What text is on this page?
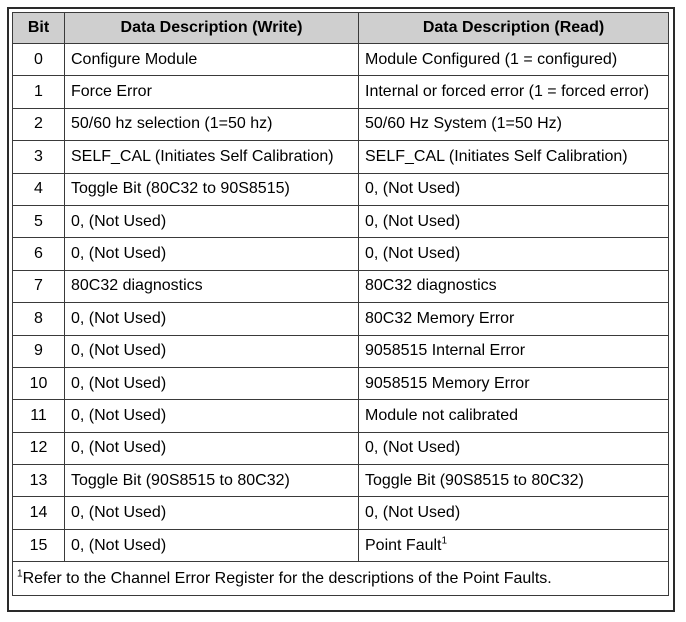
Bit	Data Description (Write)	Data Description (Read)
0	Configure Module	Module Configured (1 = configured)
1	Force Error	Internal or forced error (1 = forced error)
2	50/60 hz selection (1=50 hz)	50/60 Hz System (1=50 Hz)
3	SELF_CAL (Initiates Self Calibration)	SELF_CAL (Initiates Self Calibration)
4	Toggle Bit (80C32 to 90S8515)	0, (Not Used)
5	0, (Not Used)	0, (Not Used)
6	0, (Not Used)	0, (Not Used)
7	80C32 diagnostics	80C32 diagnostics
8	0, (Not Used)	80C32 Memory Error
9	0, (Not Used)	9058515 Internal Error
10	0, (Not Used)	9058515 Memory Error
11	0, (Not Used)	Module not calibrated
12	0, (Not Used)	0, (Not Used)
13	Toggle Bit (90S8515 to 80C32)	Toggle Bit (90S8515 to 80C32)
14	0, (Not Used)	0, (Not Used)
15	0, (Not Used)	Point Fault$^1$
$^1$Refer to the Channel Error Register for the descriptions of the Point Faults.		
